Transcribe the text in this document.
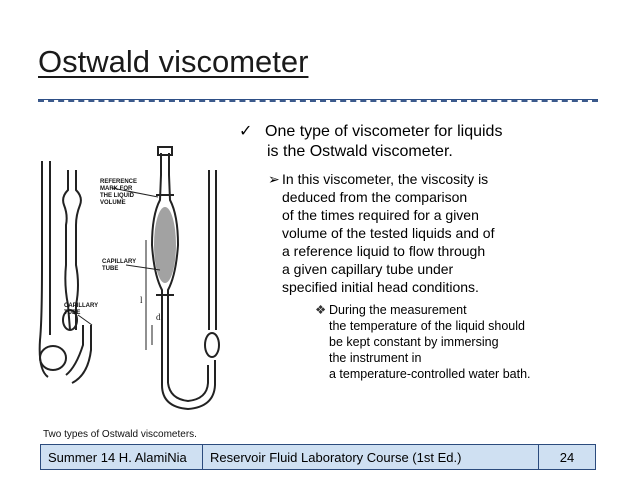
Ostwald viscometer
REFERENCE
MARK FOR
THE LIQUID
VOLUME
CAPILLARY
TUBE
CAPILLARY
TUBE
l
d
Two types of Ostwald viscometers.
✓ One type of viscometer for liquids
is the Ostwald viscometer.
➢ In this viscometer, the viscosity is
deduced from the comparison
of the times required for a given
volume of the tested liquids and of
a reference liquid to flow through
a given capillary tube under
specified initial head conditions.
❖ During the measurement
the temperature of the liquid should
be kept constant by immersing
the instrument in
a temperature-controlled water bath.
Summer 14 H. AlamiNia	Reservoir Fluid Laboratory Course (1st Ed.)	24
